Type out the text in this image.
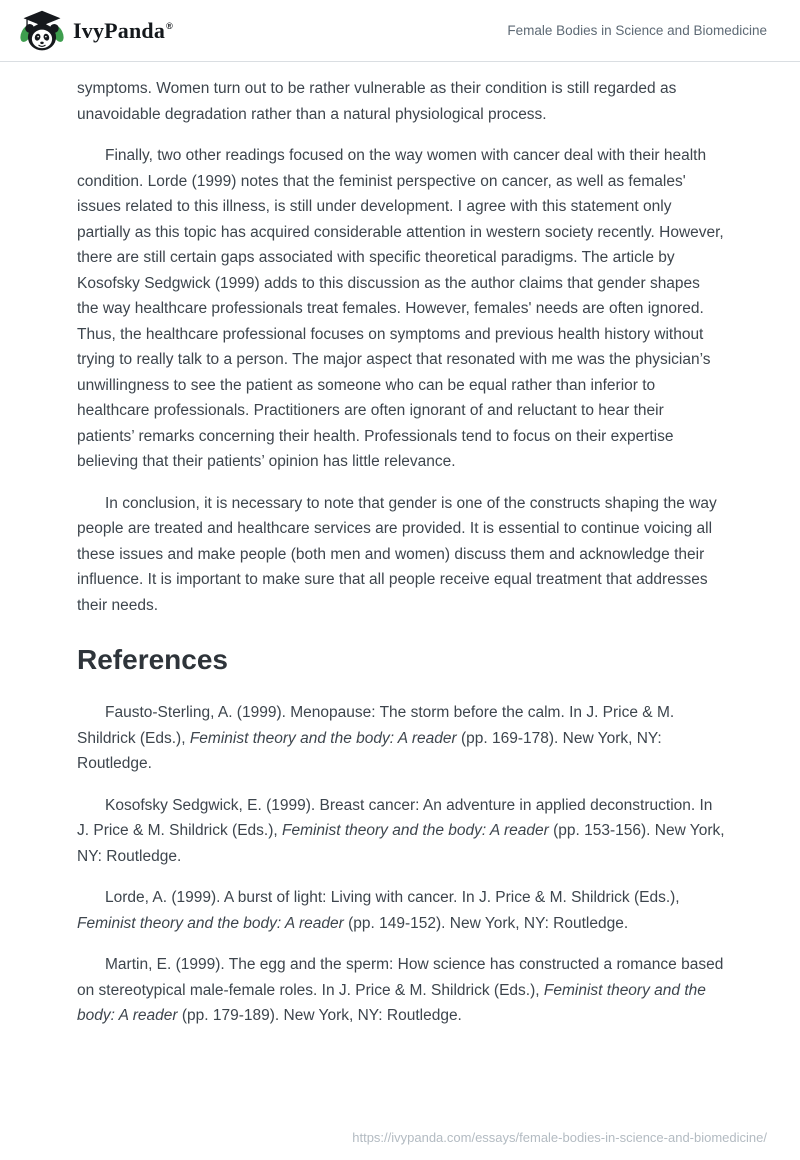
IvyPanda®	Female Bodies in Science and Biomedicine

symptoms. Women turn out to be rather vulnerable as their condition is still regarded as unavoidable degradation rather than a natural physiological process.

Finally, two other readings focused on the way women with cancer deal with their health condition. Lorde (1999) notes that the feminist perspective on cancer, as well as females' issues related to this illness, is still under development. I agree with this statement only partially as this topic has acquired considerable attention in western society recently. However, there are still certain gaps associated with specific theoretical paradigms. The article by Kosofsky Sedgwick (1999) adds to this discussion as the author claims that gender shapes the way healthcare professionals treat females. However, females' needs are often ignored. Thus, the healthcare professional focuses on symptoms and previous health history without trying to really talk to a person. The major aspect that resonated with me was the physician’s unwillingness to see the patient as someone who can be equal rather than inferior to healthcare professionals. Practitioners are often ignorant of and reluctant to hear their patients’ remarks concerning their health. Professionals tend to focus on their expertise believing that their patients’ opinion has little relevance.

In conclusion, it is necessary to note that gender is one of the constructs shaping the way people are treated and healthcare services are provided. It is essential to continue voicing all these issues and make people (both men and women) discuss them and acknowledge their influence. It is important to make sure that all people receive equal treatment that addresses their needs.

References

Fausto-Sterling, A. (1999). Menopause: The storm before the calm. In J. Price & M. Shildrick (Eds.), Feminist theory and the body: A reader (pp. 169-178). New York, NY: Routledge.

Kosofsky Sedgwick, E. (1999). Breast cancer: An adventure in applied deconstruction. In J. Price & M. Shildrick (Eds.), Feminist theory and the body: A reader (pp. 153-156). New York, NY: Routledge.

Lorde, A. (1999). A burst of light: Living with cancer. In J. Price & M. Shildrick (Eds.), Feminist theory and the body: A reader (pp. 149-152). New York, NY: Routledge.

Martin, E. (1999). The egg and the sperm: How science has constructed a romance based on stereotypical male-female roles. In J. Price & M. Shildrick (Eds.), Feminist theory and the body: A reader (pp. 179-189). New York, NY: Routledge.

https://ivypanda.com/essays/female-bodies-in-science-and-biomedicine/
